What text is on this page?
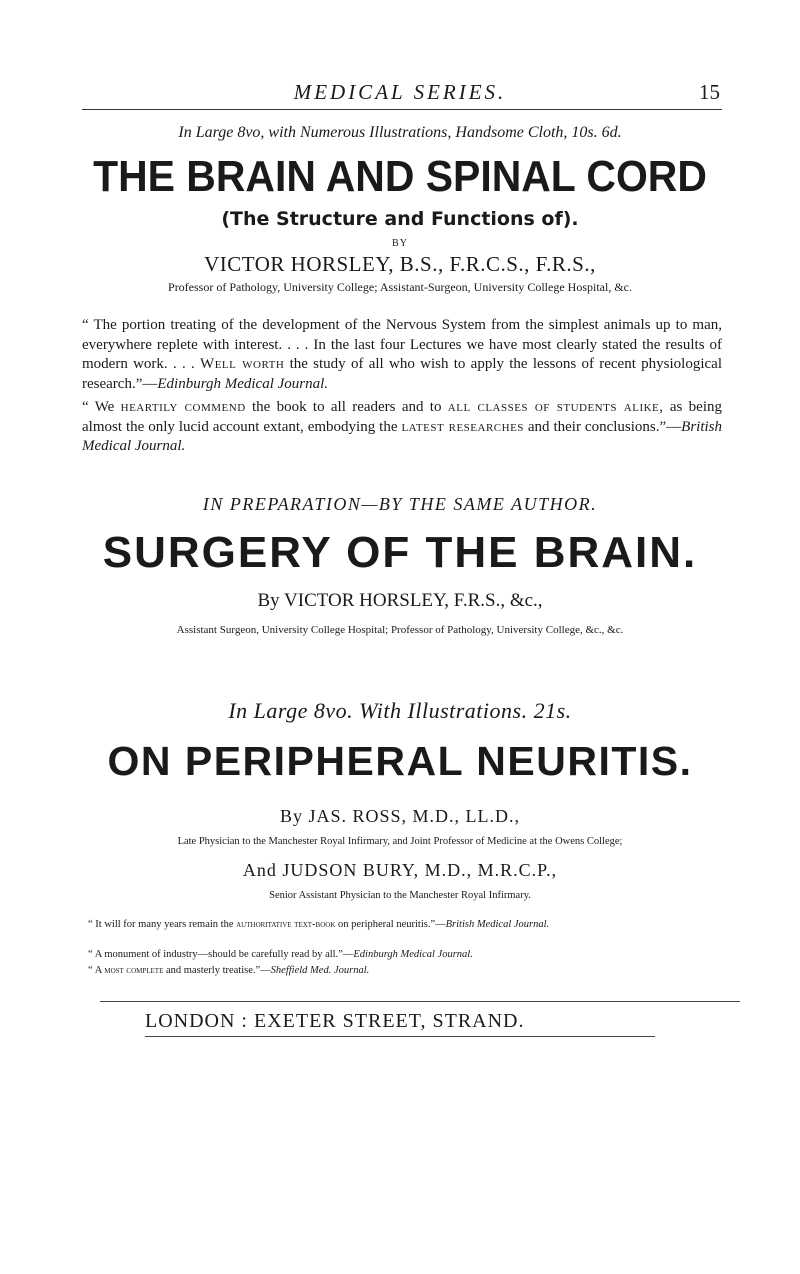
MEDICAL SERIES.	15
In Large 8vo, with Numerous Illustrations, Handsome Cloth, 10s. 6d.
THE BRAIN AND SPINAL CORD
(The Structure and Functions of).
BY
VICTOR HORSLEY, B.S., F.R.C.S., F.R.S.,
Professor of Pathology, University College; Assistant-Surgeon, University College Hospital, &c.
“ The portion treating of the development of the Nervous System from the simplest animals up to man, everywhere replete with interest. . . . In the last four Lectures we have most clearly stated the results of modern work. . . . Well worth the study of all who wish to apply the lessons of recent physiological research.”—Edinburgh Medical Journal.
“ We heartily commend the book to all readers and to all classes of students alike, as being almost the only lucid account extant, embodying the latest researches and their conclusions.”—British Medical Journal.
IN PREPARATION—BY THE SAME AUTHOR.
SURGERY OF THE BRAIN.
By VICTOR HORSLEY, F.R.S., &c.,
Assistant Surgeon, University College Hospital; Professor of Pathology, University College, &c., &c.
In Large 8vo. With Illustrations. 21s.
ON PERIPHERAL NEURITIS.
By JAS. ROSS, M.D., LL.D.,
Late Physician to the Manchester Royal Infirmary, and Joint Professor of Medicine at the Owens College;
And JUDSON BURY, M.D., M.R.C.P.,
Senior Assistant Physician to the Manchester Royal Infirmary.
“ It will for many years remain the authoritative text-book on peripheral neuritis.”—British Medical Journal.
“ A monument of industry—should be carefully read by all.”—Edinburgh Medical Journal.
“ A most complete and masterly treatise.”—Sheffield Med. Journal.
LONDON : EXETER STREET, STRAND.
